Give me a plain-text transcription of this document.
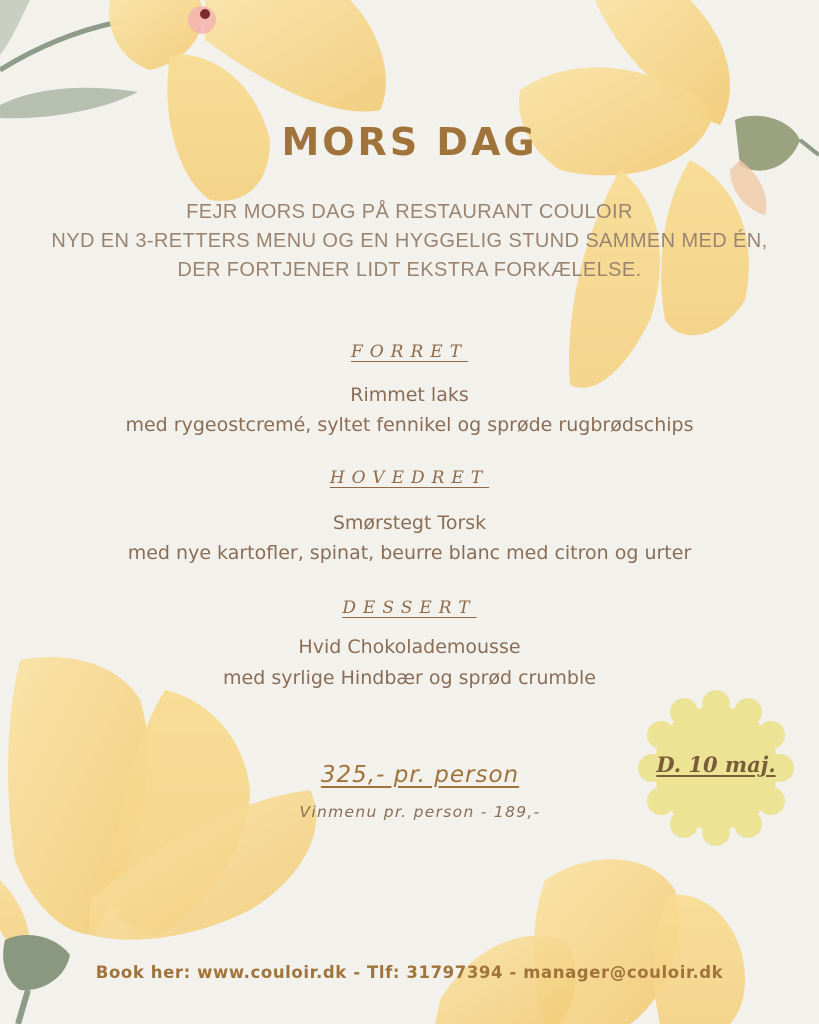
MORS DAG
FEJR MORS DAG PÅ RESTAURANT COULOIR
NYD EN 3-RETTERS MENU OG EN HYGGELIG STUND SAMMEN MED ÉN,
DER FORTJENER LIDT EKSTRA FORKÆLELSE.
FORRET
Rimmet laks
med rygeostcremé, syltet fennikel og sprøde rugbrødschips
HOVEDRET
Smørstegt Torsk
med nye kartofler, spinat, beurre blanc med citron og urter
DESSERT
Hvid Chokolademousse
med syrlige Hindbær og sprød crumble
325,- pr. person
Vinmenu pr. person - 189,-
D. 10 maj.
Book her: www.couloir.dk - Tlf: 31797394 - manager@couloir.dk
